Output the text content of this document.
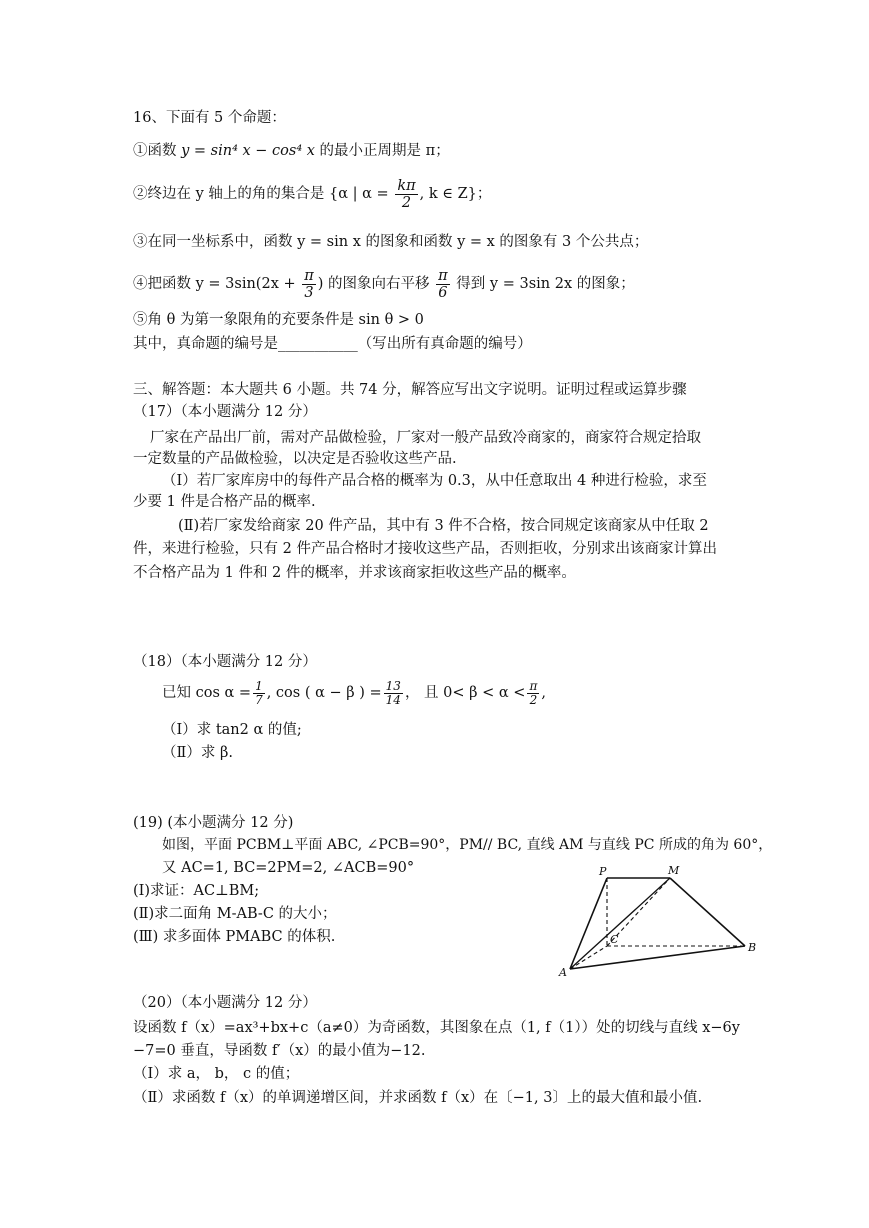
16、下面有 5 个命题：
①函数 y = sin⁴ x − cos⁴ x 的最小正周期是 π；
②终边在 y 轴上的角的集合是 {α | $\alpha = \frac{k\pi}{2}$ , k ∈ Z}；
③在同一坐标系中，函数 y = sin x 的图象和函数 y = x 的图象有 3 个公共点；
④把函数 $y = 3\sin(2x + \frac{\pi}{3}$ ) 的图象向右平移 $\frac{\pi}{6}$ 得到 y = 3sin 2x 的图象；
⑤角 θ 为第一象限角的充要条件是 sin θ > 0
其中，真命题的编号是___________（写出所有真命题的编号）
三、解答题：本大题共 6 小题。共 74 分，解答应写出文字说明。证明过程或运算步骤
（17）（本小题满分 12 分）
厂家在产品出厂前，需对产品做检验，厂家对一般产品致冷商家的，商家符合规定拾取
一定数量的产品做检验，以决定是否验收这些产品.
（Ⅰ）若厂家库房中的每件产品合格的概率为 0.3，从中任意取出 4 种进行检验，求至
少要 1 件是合格产品的概率.
(Ⅱ)若厂家发给商家 20 件产品，其中有 3 件不合格，按合同规定该商家从中任取 2
件，来进行检验，只有 2 件产品合格时才接收这些产品，否则拒收，分别求出该商家计算出
不合格产品为 1 件和 2 件的概率，并求该商家拒收这些产品的概率。
（18）（本小题满分 12 分）
已知 $\cos \alpha = \frac{1}{7}$ , cos ( α − β ) = $\frac{13}{14}$ ， 且 $0< \beta < \alpha < \frac{\pi}{2}$ ,
（Ⅰ）求 tan2 α 的值;
（Ⅱ）求 β.
(19) (本小题满分 12 分)
如图，平面 PCBM⊥平面 ABC, ∠PCB=90°，PM// BC, 直线 AM 与直线 PC 所成的角为 60°，
又 AC=1, BC=2PM=2, ∠ACB=90°
(Ⅰ)求证：AC⊥BM;
(Ⅱ)求二面角 M-AB-C 的大小；
(Ⅲ) 求多面体 PMABC 的体积.
P	M
C
A
B
（20）（本小题满分 12 分）
设函数 f（x）=ax³+bx+c（a≠0）为奇函数，其图象在点（1, f（1））处的切线与直线 x−6y
−7=0 垂直，导函数 f′（x）的最小值为−12.
（Ⅰ）求 a， b， c 的值；
（Ⅱ）求函数 f（x）的单调递增区间，并求函数 f（x）在〔−1, 3〕上的最大值和最小值.
